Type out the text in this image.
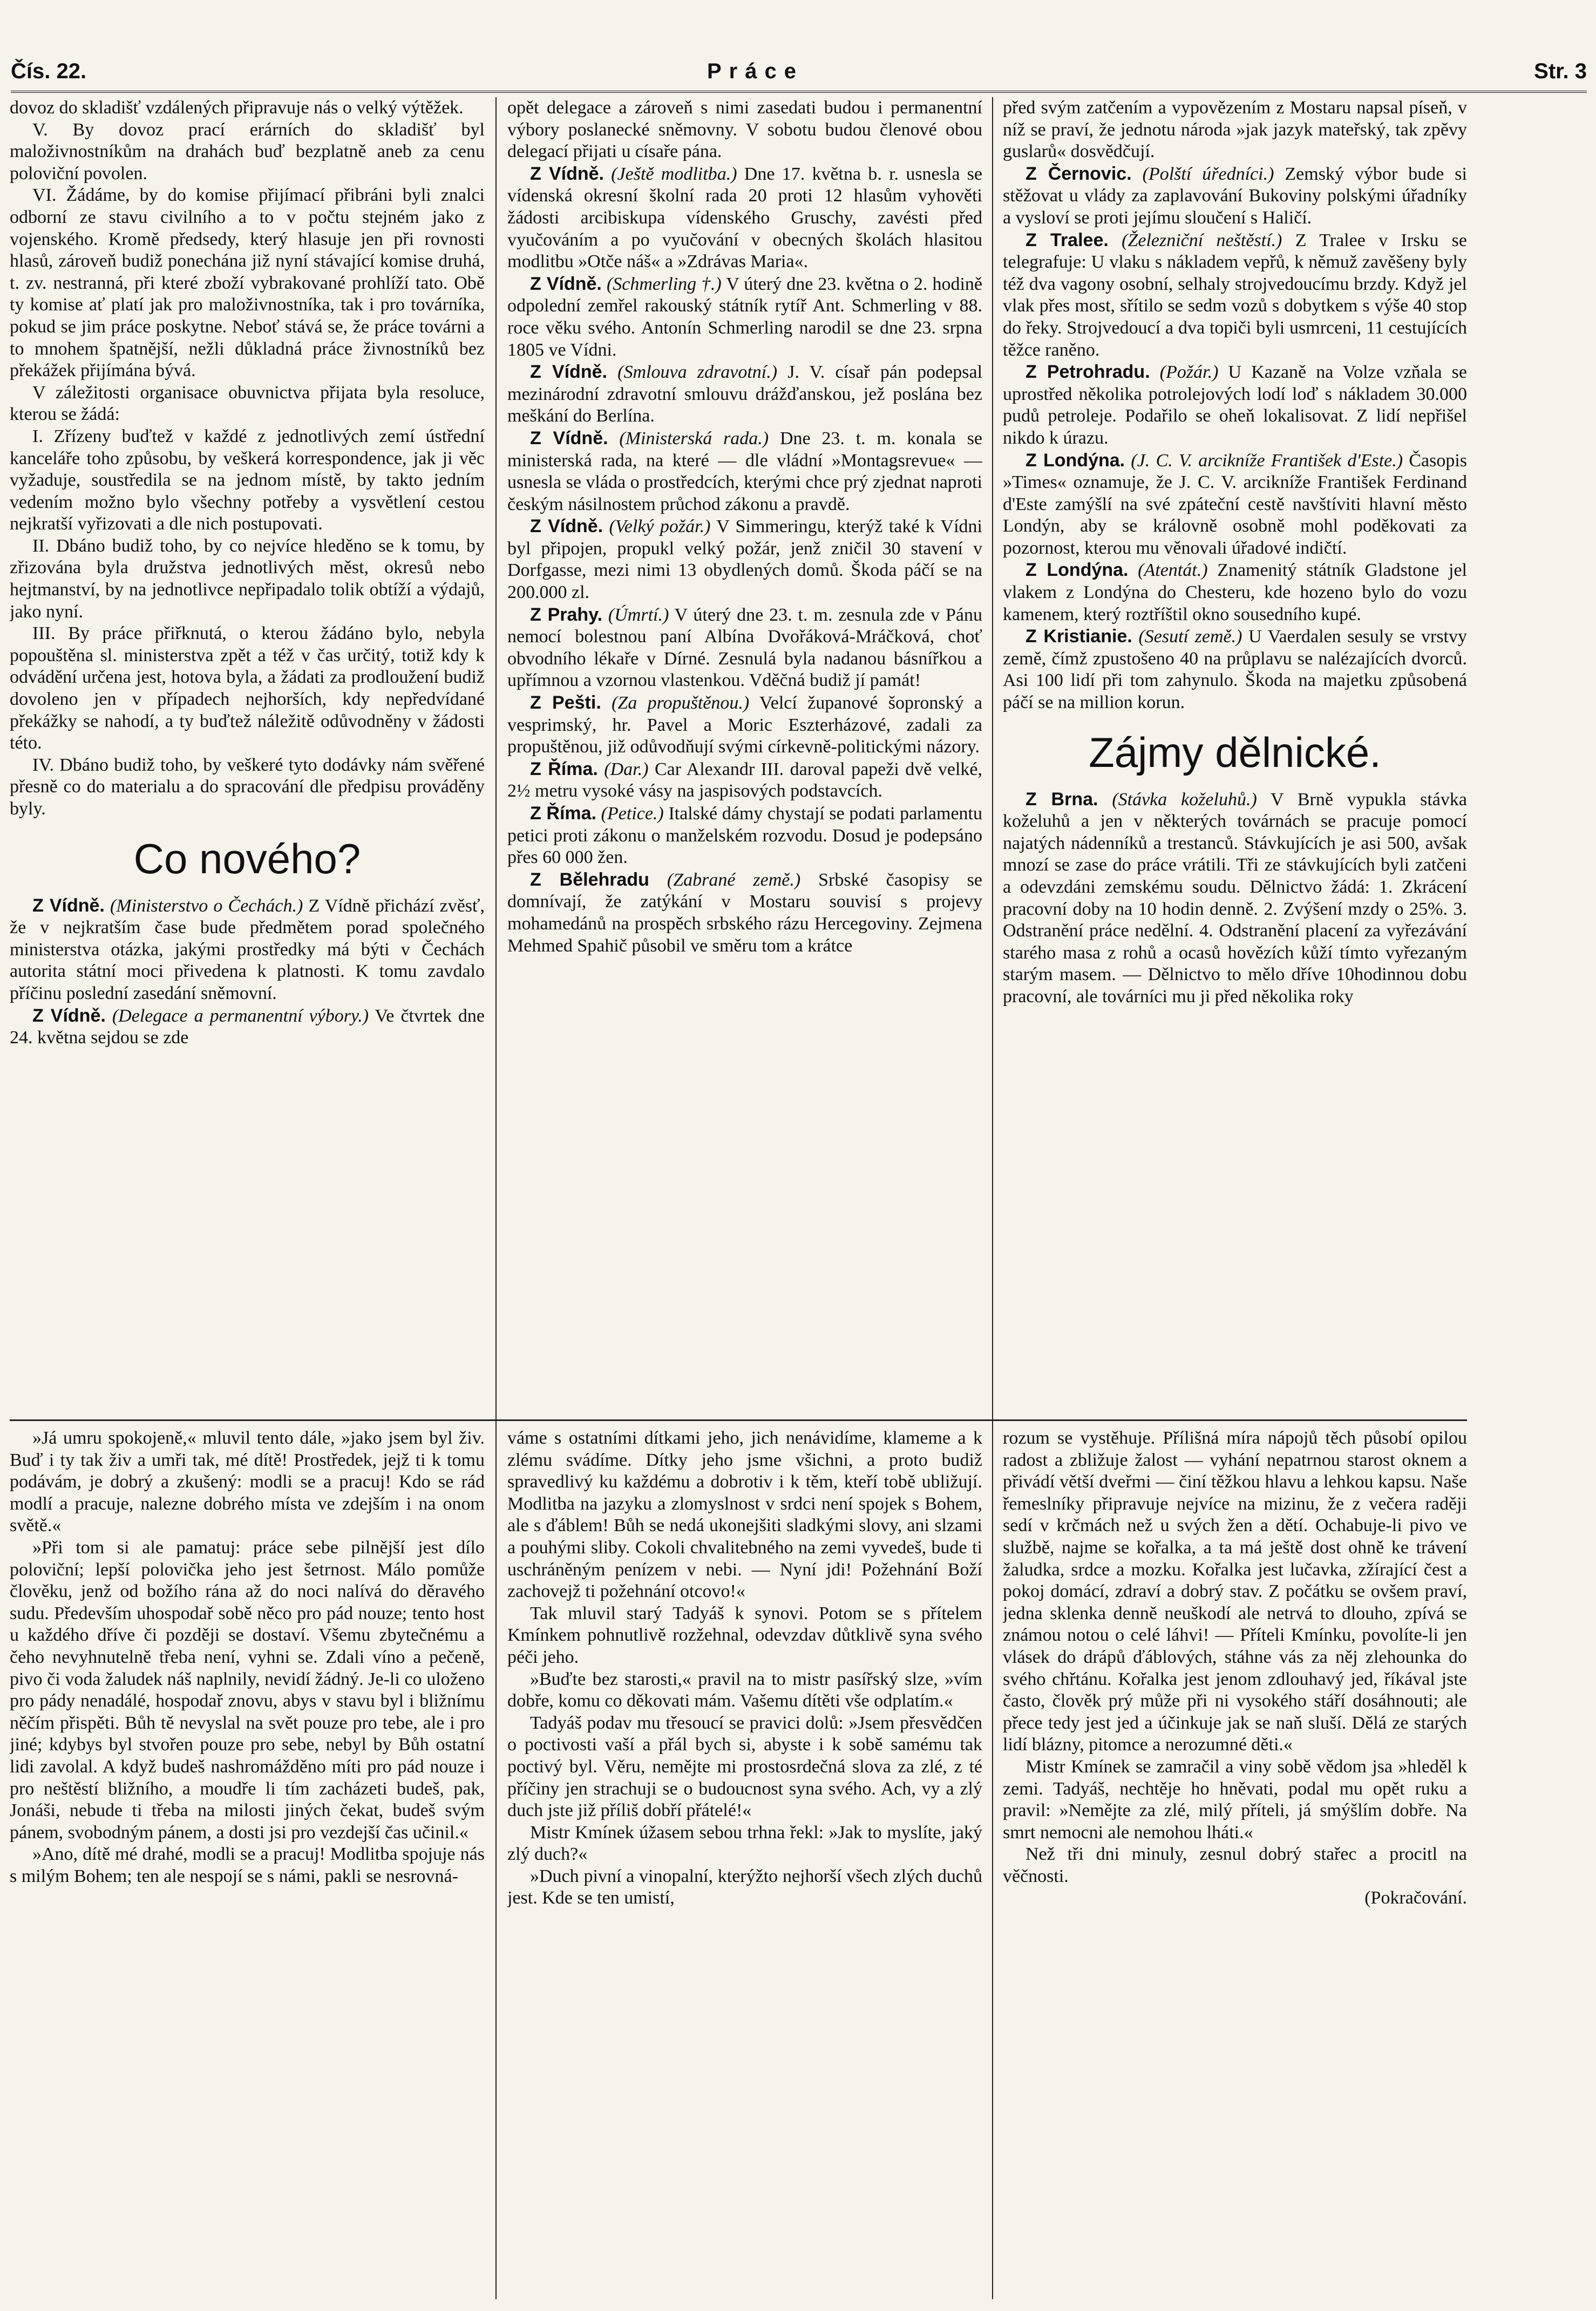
Čís. 22.	Práce	Str. 3

dovoz do skladišť vzdálených připravuje nás o velký výtěžek.

V. By dovoz prací erárních do skladišť byl maloživnostníkům na drahách buď bezplatně aneb za cenu poloviční povolen.

VI. Žádáme, by do komise přijímací přibráni byli znalci odborní ze stavu civilního a to v počtu stejném jako z vojenského. Kromě předsedy, který hlasuje jen při rovnosti hlasů, zároveň budiž ponechána již nyní stávající komise druhá, t. zv. nestranná, při které zboží vybrakované prohlíží tato. Obě ty komise ať platí jak pro maloživnostníka, tak i pro továrníka, pokud se jim práce poskytne. Neboť stává se, že práce továrni a to mnohem špatnější, nežli důkladná práce živnostníků bez překážek přijímána bývá.

V záležitosti organisace obuvnictva přijata byla resoluce, kterou se žádá:

I. Zřízeny buďtež v každé z jednotlivých zemí ústřední kanceláře toho způsobu, by veškerá korrespondence, jak ji věc vyžaduje, soustředila se na jednom místě, by takto jedním vedením možno bylo všechny potřeby a vysvětlení cestou nejkratší vyřizovati a dle nich postupovati.

II. Dbáno budiž toho, by co nejvíce hleděno se k tomu, by zřizována byla družstva jednotlivých měst, okresů nebo hejtmanství, by na jednotlivce nepřipadalo tolik obtíží a výdajů, jako nyní.

III. By práce přiřknutá, o kterou žádáno bylo, nebyla popouštěna sl. ministerstva zpět a též v čas určitý, totiž kdy k odvádění určena jest, hotova byla, a žádati za prodloužení budiž dovoleno jen v případech nejhorších, kdy nepředvídané překážky se nahodí, a ty buďtež náležitě odůvodněny v žádosti této.

IV. Dbáno budiž toho, by veškeré tyto dodávky nám svěřené přesně co do materialu a do spracování dle předpisu prováděny byly.

Co nového?

Z Vídně. (Ministerstvo o Čechách.) Z Vídně přichází zvěsť, že v nejkratším čase bude předmětem porad společného ministerstva otázka, jakými prostředky má býti v Čechách autorita státní moci přivedena k platnosti. K tomu zavdalo příčinu poslední zasedání sněmovní.

Z Vídně. (Delegace a permanentní výbory.) Ve čtvrtek dne 24. května sejdou se zde

opět delegace a zároveň s nimi zasedati budou i permanentní výbory poslanecké sněmovny. V sobotu budou členové obou delegací přijati u císaře pána.

Z Vídně. (Ještě modlitba.) Dne 17. května b. r. usnesla se vídenská okresní školní rada 20 proti 12 hlasům vyhověti žádosti arcibiskupa vídenského Gruschy, zavésti před vyučováním a po vyučování v obecných školách hlasitou modlitbu »Otče náš« a »Zdrávas Maria«.

Z Vídně. (Schmerling †.) V úterý dne 23. května o 2. hodině odpolední zemřel rakouský státník rytíř Ant. Schmerling v 88. roce věku svého. Antonín Schmerling narodil se dne 23. srpna 1805 ve Vídni.

Z Vídně. (Smlouva zdravotní.) J. V. císař pán podepsal mezinárodní zdravotní smlouvu drážďanskou, jež poslána bez meškání do Berlína.

Z Vídně. (Ministerská rada.) Dne 23. t. m. konala se ministerská rada, na které — dle vládní »Montagsrevue« — usnesla se vláda o prostředcích, kterými chce prý zjednat naproti českým násilnostem průchod zákonu a pravdě.

Z Vídně. (Velký požár.) V Simmeringu, kterýž také k Vídni byl připojen, propukl velký požár, jenž zničil 30 stavení v Dorfgasse, mezi nimi 13 obydlených domů. Škoda páčí se na 200.000 zl.

Z Prahy. (Úmrtí.) V úterý dne 23. t. m. zesnula zde v Pánu nemocí bolestnou paní Albína Dvořáková-Mráčková, choť obvodního lékaře v Dírné. Zesnulá byla nadanou básnířkou a upřímnou a vzornou vlastenkou. Vděčná budiž jí památ!

Z Pešti. (Za propuštěnou.) Velcí županové šopronský a vesprimský, hr. Pavel a Moric Eszterházové, zadali za propuštěnou, již odůvodňují svými církevně-politickými názory.

Z Říma. (Dar.) Car Alexandr III. daroval papeži dvě velké, 2½ metru vysoké vásy na jaspisových podstavcích.

Z Říma. (Petice.) Italské dámy chystají se podati parlamentu petici proti zákonu o manželském rozvodu. Dosud je podepsáno přes 60 000 žen.

Z Bělehradu (Zabrané země.) Srbské časopisy se domnívají, že zatýkání v Mostaru souvisí s projevy mohamedánů na prospěch srbského rázu Hercegoviny. Zejmena Mehmed Spahič působil ve směru tom a krátce

před svým zatčením a vypovězením z Mostaru napsal píseň, v níž se praví, že jednotu národa »jak jazyk mateřský, tak zpěvy guslarů« dosvědčují.

Z Černovic. (Polští úředníci.) Zemský výbor bude si stěžovat u vlády za zaplavování Bukoviny polskými úřadníky a vysloví se proti jejímu sloučení s Haličí.

Z Tralee. (Železniční neštěstí.) Z Tralee v Irsku se telegrafuje: U vlaku s nákladem vepřů, k němuž zavěšeny byly též dva vagony osobní, selhaly strojvedoucímu brzdy. Když jel vlak přes most, sřítilo se sedm vozů s dobytkem s výše 40 stop do řeky. Strojvedoucí a dva topiči byli usmrceni, 11 cestujících těžce raněno.

Z Petrohradu. (Požár.) U Kazaně na Volze vzňala se uprostřed několika potrolejových lodí loď s nákladem 30.000 pudů petroleje. Podařilo se oheň lokalisovat. Z lidí nepřišel nikdo k úrazu.

Z Londýna. (J. C. V. arcikníže František d'Este.) Časopis »Times« oznamuje, že J. C. V. arcikníže František Ferdinand d'Este zamýšlí na své zpáteční cestě navštíviti hlavní město Londýn, aby se královně osobně mohl poděkovati za pozornost, kterou mu věnovali úřadové indičtí.

Z Londýna. (Atentát.) Znamenitý státník Gladstone jel vlakem z Londýna do Chesteru, kde hozeno bylo do vozu kamenem, který roztříštil okno sousedního kupé.

Z Kristianie. (Sesutí země.) U Vaerdalen sesuly se vrstvy země, čímž zpustošeno 40 na průplavu se nalézajících dvorců. Asi 100 lidí při tom zahynulo. Škoda na majetku způsobená páčí se na million korun.

Zájmy dělnické.

Z Brna. (Stávka koželuhů.) V Brně vypukla stávka koželuhů a jen v některých továrnách se pracuje pomocí najatých nádenníků a trestanců. Stávkujících je asi 500, avšak mnozí se zase do práce vrátili. Tři ze stávkujících byli zatčeni a odevzdáni zemskému soudu. Dělnictvo žádá: 1. Zkrácení pracovní doby na 10 hodin denně. 2. Zvýšení mzdy o 25%. 3. Odstranění práce nedělní. 4. Odstranění placení za vyřezávání starého masa z rohů a ocasů hovězích kůží tímto vyřezaným starým masem. — Dělnictvo to mělo dříve 10hodinnou dobu pracovní, ale továrníci mu ji před několika roky

»Já umru spokojeně,« mluvil tento dále, »jako jsem byl živ. Buď i ty tak živ a umři tak, mé dítě! Prostředek, jejž ti k tomu podávám, je dobrý a zkušený: modli se a pracuj! Kdo se rád modlí a pracuje, nalezne dobrého místa ve zdejším i na onom světě.«

»Při tom si ale pamatuj: práce sebe pilnější jest dílo poloviční; lepší polovička jeho jest šetrnost. Málo pomůže člověku, jenž od božího rána až do noci nalívá do děravého sudu. Především uhospodař sobě něco pro pád nouze; tento host u každého dříve či později se dostaví. Všemu zbytečnému a čeho nevyhnutelně třeba není, vyhni se. Zdali víno a pečeně, pivo či voda žaludek náš naplnily, nevidí žádný. Je-li co uloženo pro pády nenadálé, hospodař znovu, abys v stavu byl i bližnímu něčím přispěti. Bůh tě nevyslal na svět pouze pro tebe, ale i pro jiné; kdybys byl stvořen pouze pro sebe, nebyl by Bůh ostatní lidi zavolal. A když budeš nashromážděno míti pro pád nouze i pro neštěstí bližního, a moudře li tím zacházeti budeš, pak, Jonáši, nebude ti třeba na milosti jiných čekat, budeš svým pánem, svobodným pánem, a dosti jsi pro vezdejší čas učinil.«

»Ano, dítě mé drahé, modli se a pracuj! Modlitba spojuje nás s milým Bohem; ten ale nespojí se s námi, pakli se nesrovná-

váme s ostatními dítkami jeho, jich nenávidíme, klameme a k zlému svádíme. Dítky jeho jsme všichni, a proto budiž spravedlivý ku každému a dobrotiv i k těm, kteří tobě ubližují. Modlitba na jazyku a zlomyslnost v srdci není spojek s Bohem, ale s ďáblem! Bůh se nedá ukonejšiti sladkými slovy, ani slzami a pouhými sliby. Cokoli chvalitebného na zemi vyvedeš, bude ti uschráněným penízem v nebi. — Nyní jdi! Požehnání Boží zachovejž ti požehnání otcovo!«

Tak mluvil starý Tadyáš k synovi. Potom se s přítelem Kmínkem pohnutlivě rozžehnal, odevzdav důtklivě syna svého péči jeho.

»Buďte bez starosti,« pravil na to mistr pasířský slze, »vím dobře, komu co děkovati mám. Vašemu dítěti vše odplatím.«

Tadyáš podav mu třesoucí se pravici dolů: »Jsem přesvědčen o poctivosti vaší a přál bych si, abyste i k sobě samému tak poctivý byl. Věru, nemějte mi prostosrdečná slova za zlé, z té příčiny jen strachuji se o budoucnost syna svého. Ach, vy a zlý duch jste již příliš dobří přátelé!«

Mistr Kmínek úžasem sebou trhna řekl: »Jak to myslíte, jaký zlý duch?«

»Duch pivní a vinopalní, kterýžto nejhorší všech zlých duchů jest. Kde se ten umistí,

rozum se vystěhuje. Přílišná míra nápojů těch působí opilou radost a zbližuje žalost — vyhání nepatrnou starost oknem a přivádí větší dveřmi — činí těžkou hlavu a lehkou kapsu. Naše řemeslníky připravuje nejvíce na mizinu, že z večera raději sedí v krčmách než u svých žen a dětí. Ochabuje-li pivo ve službě, najme se kořalka, a ta má ještě dost ohně ke trávení žaludka, srdce a mozku. Kořalka jest lučavka, zžírající čest a pokoj domácí, zdraví a dobrý stav. Z počátku se ovšem praví, jedna sklenka denně neuškodí ale netrvá to dlouho, zpívá se známou notou o celé láhvi! — Příteli Kmínku, povolíte-li jen vlásek do drápů ďáblových, stáhne vás za něj zlehounka do svého chřtánu. Kořalka jest jenom zdlouhavý jed, říkával jste často, člověk prý může při ni vysokého stáří dosáhnouti; ale přece tedy jest jed a účinkuje jak se naň sluší. Dělá ze starých lidí blázny, pitomce a nerozumné děti.«

Mistr Kmínek se zamračil a viny sobě vědom jsa »hleděl k zemi. Tadyáš, nechtěje ho hněvati, podal mu opět ruku a pravil: »Nemějte za zlé, milý příteli, já smýšlím dobře. Na smrt nemocni ale nemohou lháti.«

Než tři dni minuly, zesnul dobrý stařec a procitl na věčnosti.

(Pokračování.
